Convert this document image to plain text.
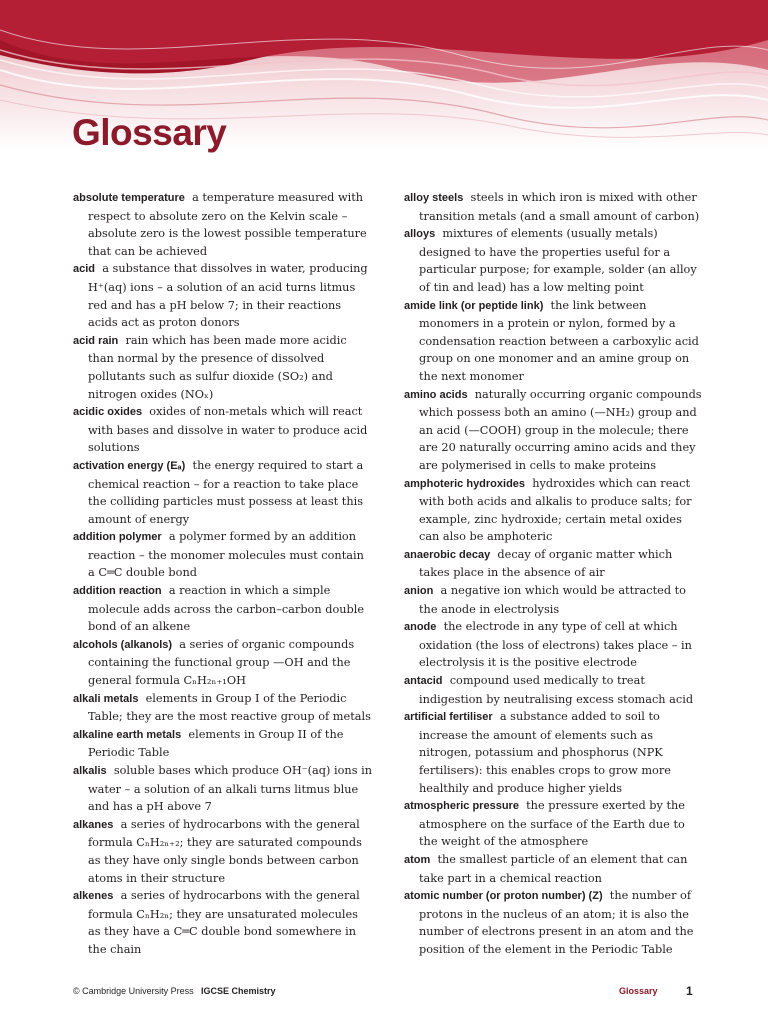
Glossary

absolute temperature a temperature measured with respect to absolute zero on the Kelvin scale – absolute zero is the lowest possible temperature that can be achieved

acid a substance that dissolves in water, producing H⁺(aq) ions – a solution of an acid turns litmus red and has a pH below 7; in their reactions acids act as proton donors

acid rain rain which has been made more acidic than normal by the presence of dissolved pollutants such as sulfur dioxide (SO₂) and nitrogen oxides (NOₓ)

acidic oxides oxides of non-metals which will react with bases and dissolve in water to produce acid solutions

activation energy (Eₐ) the energy required to start a chemical reaction – for a reaction to take place the colliding particles must possess at least this amount of energy

addition polymer a polymer formed by an addition reaction – the monomer molecules must contain a C═C double bond

addition reaction a reaction in which a simple molecule adds across the carbon–carbon double bond of an alkene

alcohols (alkanols) a series of organic compounds containing the functional group —OH and the general formula CₙH₂ₙ₊₁OH

alkali metals elements in Group I of the Periodic Table; they are the most reactive group of metals

alkaline earth metals elements in Group II of the Periodic Table

alkalis soluble bases which produce OH⁻(aq) ions in water – a solution of an alkali turns litmus blue and has a pH above 7

alkanes a series of hydrocarbons with the general formula CₙH₂ₙ₊₂; they are saturated compounds as they have only single bonds between carbon atoms in their structure

alkenes a series of hydrocarbons with the general formula CₙH₂ₙ; they are unsaturated molecules as they have a C═C double bond somewhere in the chain

alloy steels steels in which iron is mixed with other transition metals (and a small amount of carbon)

alloys mixtures of elements (usually metals) designed to have the properties useful for a particular purpose; for example, solder (an alloy of tin and lead) has a low melting point

amide link (or peptide link) the link between monomers in a protein or nylon, formed by a condensation reaction between a carboxylic acid group on one monomer and an amine group on the next monomer

amino acids naturally occurring organic compounds which possess both an amino (—NH₂) group and an acid (—COOH) group in the molecule; there are 20 naturally occurring amino acids and they are polymerised in cells to make proteins

amphoteric hydroxides hydroxides which can react with both acids and alkalis to produce salts; for example, zinc hydroxide; certain metal oxides can also be amphoteric

anaerobic decay decay of organic matter which takes place in the absence of air

anion a negative ion which would be attracted to the anode in electrolysis

anode the electrode in any type of cell at which oxidation (the loss of electrons) takes place – in electrolysis it is the positive electrode

antacid compound used medically to treat indigestion by neutralising excess stomach acid

artificial fertiliser a substance added to soil to increase the amount of elements such as nitrogen, potassium and phosphorus (NPK fertilisers): this enables crops to grow more healthily and produce higher yields

atmospheric pressure the pressure exerted by the atmosphere on the surface of the Earth due to the weight of the atmosphere

atom the smallest particle of an element that can take part in a chemical reaction

atomic number (or proton number) (Z) the number of protons in the nucleus of an atom; it is also the number of electrons present in an atom and the position of the element in the Periodic Table

© Cambridge University Press IGCSE Chemistry	Glossary 1
